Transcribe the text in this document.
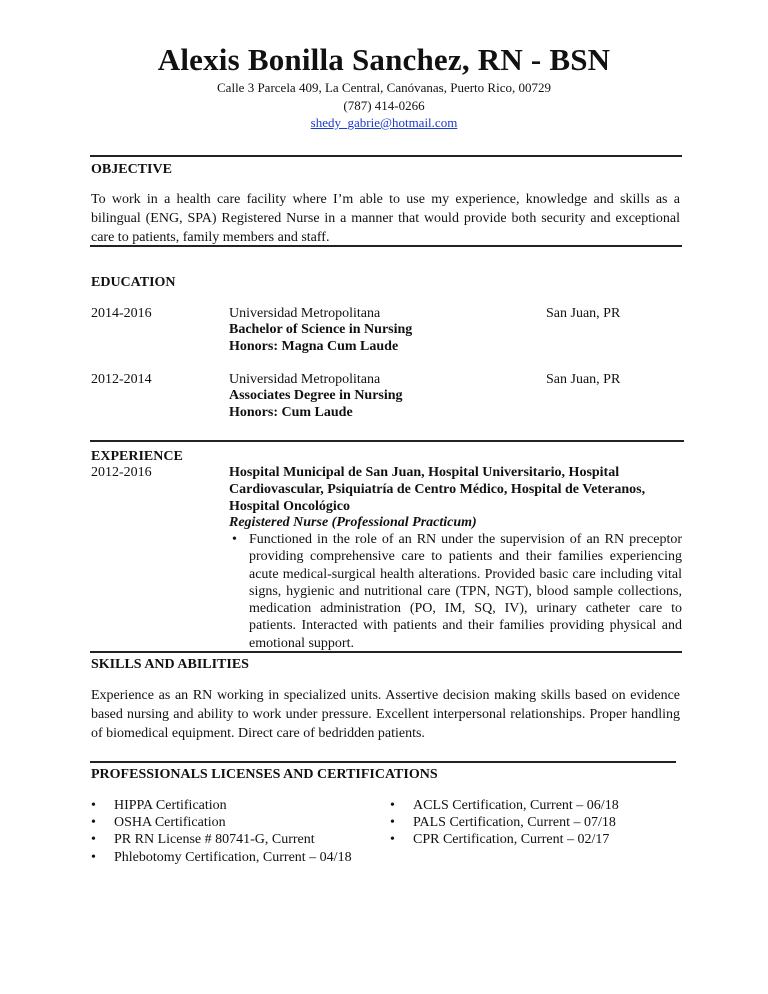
Alexis Bonilla Sanchez, RN - BSN
Calle 3 Parcela 409, La Central, Canóvanas, Puerto Rico, 00729
(787) 414-0266
shedy_gabrie@hotmail.com
OBJECTIVE
To work in a health care facility where I’m able to use my experience, knowledge and skills as a bilingual (ENG, SPA) Registered Nurse in a manner that would provide both security and exceptional care to patients, family members and staff.
EDUCATION
2014-2016	Universidad Metropolitana	San Juan, PR
Bachelor of Science in Nursing
Honors: Magna Cum Laude
2012-2014	Universidad Metropolitana	San Juan, PR
Associates Degree in Nursing
Honors: Cum Laude
EXPERIENCE
2012-2016	Hospital Municipal de San Juan, Hospital Universitario, Hospital
Cardiovascular, Psiquiatría de Centro Médico, Hospital de Veteranos,
Hospital Oncológico
Registered Nurse (Professional Practicum)
• Functioned in the role of an RN under the supervision of an RN preceptor providing comprehensive care to patients and their families experiencing acute medical-surgical health alterations. Provided basic care including vital signs, hygienic and nutritional care (TPN, NGT), blood sample collections, medication administration (PO, IM, SQ, IV), urinary catheter care to patients. Interacted with patients and their families providing physical and emotional support.
SKILLS AND ABILITIES
Experience as an RN working in specialized units. Assertive decision making skills based on evidence based nursing and ability to work under pressure. Excellent interpersonal relationships. Proper handling of biomedical equipment. Direct care of bedridden patients.
PROFESSIONALS LICENSES AND CERTIFICATIONS
• HIPPA Certification
• OSHA Certification
• PR RN License # 80741-G, Current
• Phlebotomy Certification, Current – 04/18
• ACLS Certification, Current – 06/18
• PALS Certification, Current – 07/18
• CPR Certification, Current – 02/17
